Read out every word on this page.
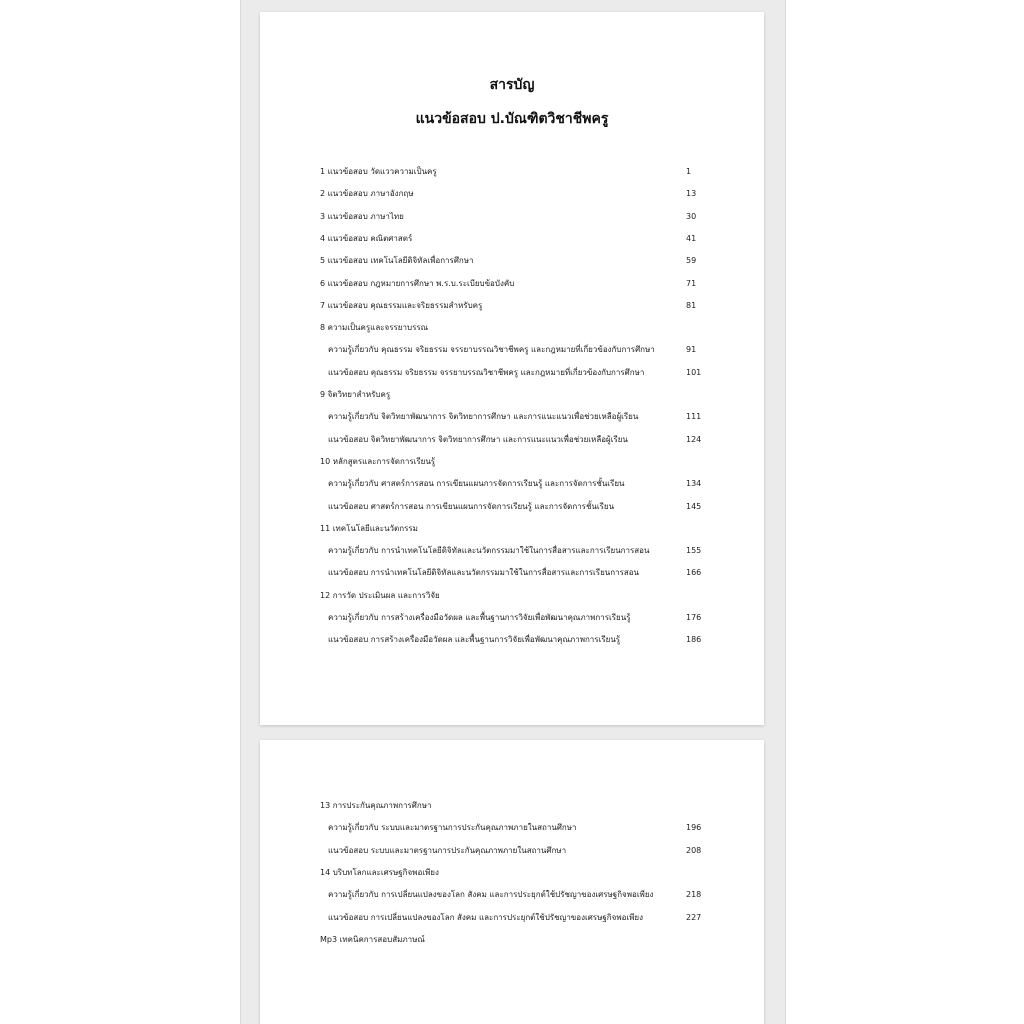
สารบัญ
แนวข้อสอบ ป.บัณฑิตวิชาชีพครู
1 แนวข้อสอบ วัดแววความเป็นครู	1
2 แนวข้อสอบ ภาษาอังกฤษ	13
3 แนวข้อสอบ ภาษาไทย	30
4 แนวข้อสอบ คณิตศาสตร์	41
5 แนวข้อสอบ เทคโนโลยีดิจิทัลเพื่อการศึกษา	59
6 แนวข้อสอบ กฎหมายการศึกษา พ.ร.บ.ระเบียบข้อบังคับ	71
7 แนวข้อสอบ คุณธรรมและจริยธรรมสำหรับครู	81
8 ความเป็นครูและจรรยาบรรณ
ความรู้เกี่ยวกับ คุณธรรม จริยธรรม จรรยาบรรณวิชาชีพครู และกฎหมายที่เกี่ยวข้องกับการศึกษา	91
แนวข้อสอบ คุณธรรม จริยธรรม จรรยาบรรณวิชาชีพครู และกฎหมายที่เกี่ยวข้องกับการศึกษา	101
9 จิตวิทยาสำหรับครู
ความรู้เกี่ยวกับ จิตวิทยาพัฒนาการ จิตวิทยาการศึกษา และการแนะแนวเพื่อช่วยเหลือผู้เรียน	111
แนวข้อสอบ จิตวิทยาพัฒนาการ จิตวิทยาการศึกษา และการแนะแนวเพื่อช่วยเหลือผู้เรียน	124
10 หลักสูตรและการจัดการเรียนรู้
ความรู้เกี่ยวกับ ศาสตร์การสอน การเขียนแผนการจัดการเรียนรู้ และการจัดการชั้นเรียน	134
แนวข้อสอบ ศาสตร์การสอน การเขียนแผนการจัดการเรียนรู้ และการจัดการชั้นเรียน	145
11 เทคโนโลยีและนวัตกรรม
ความรู้เกี่ยวกับ การนำเทคโนโลยีดิจิทัลและนวัตกรรมมาใช้ในการสื่อสารและการเรียนการสอน	155
แนวข้อสอบ การนำเทคโนโลยีดิจิทัลและนวัตกรรมมาใช้ในการสื่อสารและการเรียนการสอน	166
12 การวัด ประเมินผล และการวิจัย
ความรู้เกี่ยวกับ การสร้างเครื่องมือวัดผล และพื้นฐานการวิจัยเพื่อพัฒนาคุณภาพการเรียนรู้	176
แนวข้อสอบ การสร้างเครื่องมือวัดผล และพื้นฐานการวิจัยเพื่อพัฒนาคุณภาพการเรียนรู้	186
13 การประกันคุณภาพการศึกษา
ความรู้เกี่ยวกับ ระบบและมาตรฐานการประกันคุณภาพภายในสถานศึกษา	196
แนวข้อสอบ ระบบและมาตรฐานการประกันคุณภาพภายในสถานศึกษา	208
14 บริบทโลกและเศรษฐกิจพอเพียง
ความรู้เกี่ยวกับ การเปลี่ยนแปลงของโลก สังคม และการประยุกต์ใช้ปรัชญาของเศรษฐกิจพอเพียง	218
แนวข้อสอบ การเปลี่ยนแปลงของโลก สังคม และการประยุกต์ใช้ปรัชญาของเศรษฐกิจพอเพียง	227
Mp3 เทคนิคการสอบสัมภาษณ์
